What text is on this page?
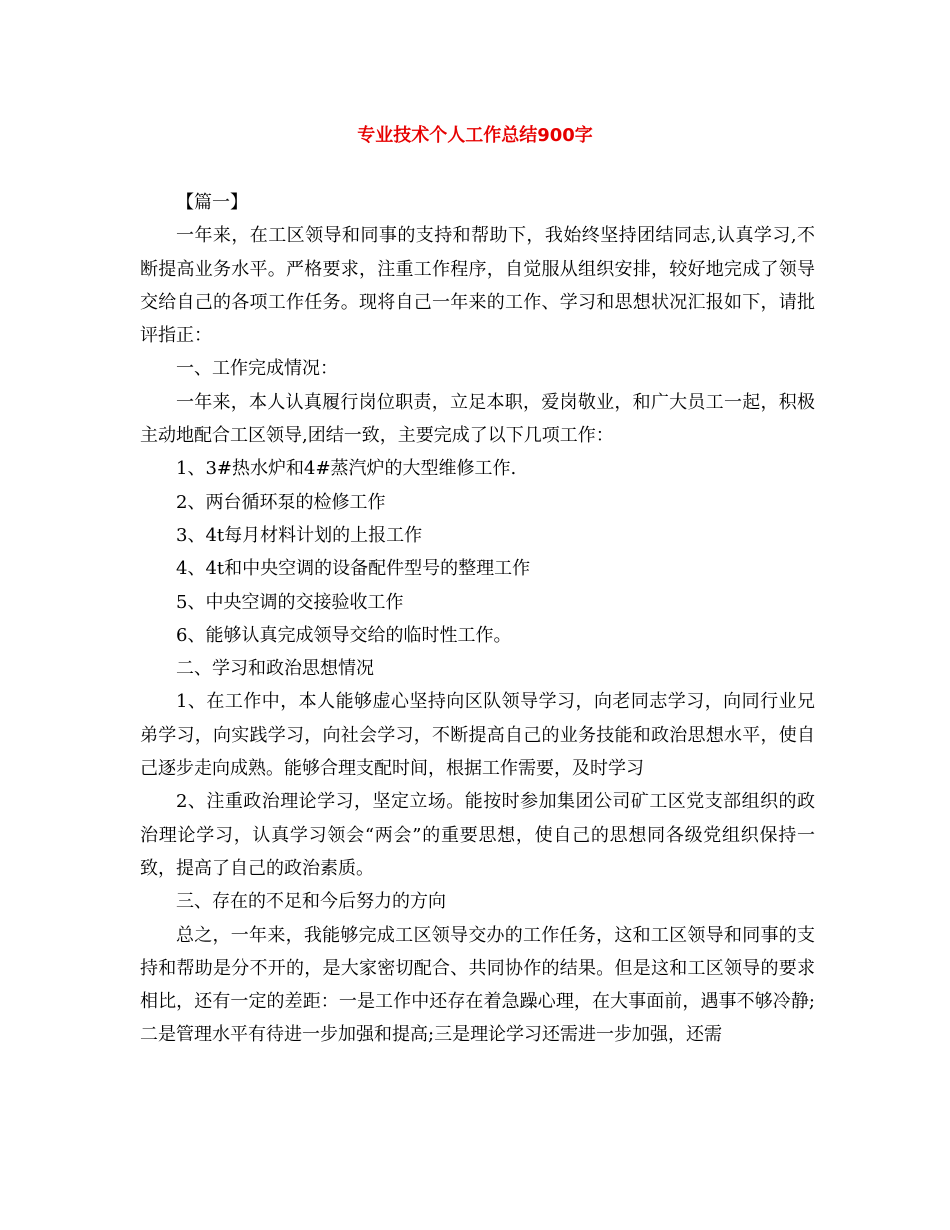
专业技术个人工作总结900字

【篇一】

一年来，在工区领导和同事的支持和帮助下，我始终坚持团结同志,认真学习,不断提高业务水平。严格要求，注重工作程序，自觉服从组织安排，较好地完成了领导交给自己的各项工作任务。现将自己一年来的工作、学习和思想状况汇报如下，请批评指正：

一、工作完成情况：

一年来，本人认真履行岗位职责，立足本职，爱岗敬业，和广大员工一起，积极主动地配合工区领导,团结一致，主要完成了以下几项工作：

1、3#热水炉和4#蒸汽炉的大型维修工作.

2、两台循环泵的检修工作

3、4t每月材料计划的上报工作

4、4t和中央空调的设备配件型号的整理工作

5、中央空调的交接验收工作

6、能够认真完成领导交给的临时性工作。

二、学习和政治思想情况

1、在工作中，本人能够虚心坚持向区队领导学习，向老同志学习，向同行业兄弟学习，向实践学习，向社会学习，不断提高自己的业务技能和政治思想水平，使自己逐步走向成熟。能够合理支配时间，根据工作需要，及时学习

2、注重政治理论学习，坚定立场。能按时参加集团公司矿工区党支部组织的政治理论学习，认真学习领会“两会”的重要思想，使自己的思想同各级党组织保持一致，提高了自己的政治素质。

三、存在的不足和今后努力的方向

总之，一年来，我能够完成工区领导交办的工作任务，这和工区领导和同事的支持和帮助是分不开的，是大家密切配合、共同协作的结果。但是这和工区领导的要求相比，还有一定的差距：一是工作中还存在着急躁心理，在大事面前，遇事不够冷静;二是管理水平有待进一步加强和提高;三是理论学习还需进一步加强，还需
